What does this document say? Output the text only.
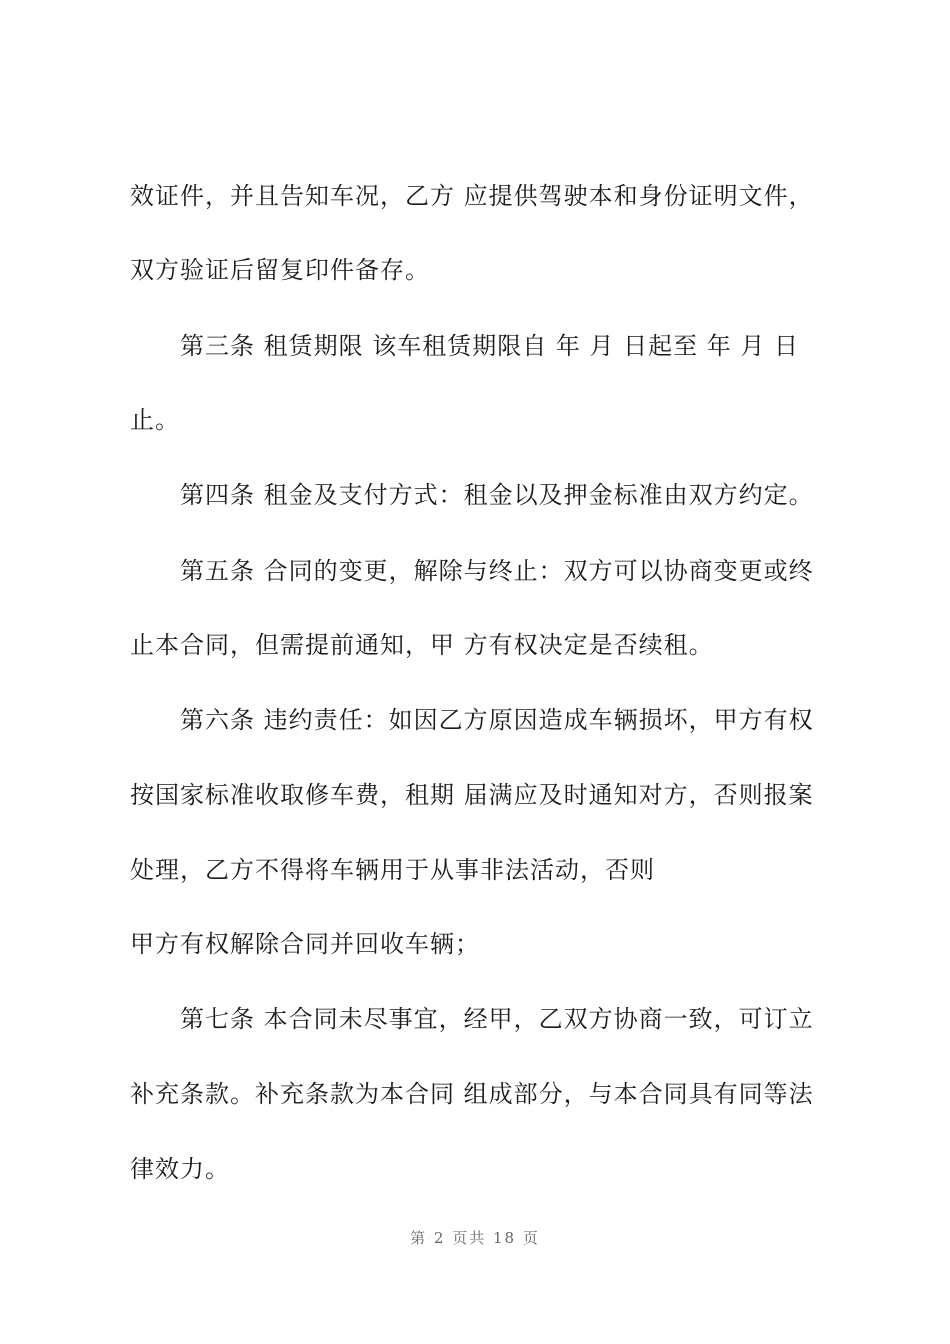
效证件，并且告知车况，乙方 应提供驾驶本和身份证明文件，
双方验证后留复印件备存。
第三条 租赁期限 该车租赁期限自 年 月 日起至 年 月 日
止。
第四条 租金及支付方式：租金以及押金标准由双方约定。
第五条 合同的变更，解除与终止：双方可以协商变更或终
止本合同，但需提前通知，甲 方有权决定是否续租。
第六条 违约责任：如因乙方原因造成车辆损坏，甲方有权
按国家标准收取修车费，租期 届满应及时通知对方，否则报案
处理，乙方不得将车辆用于从事非法活动，否则
甲方有权解除合同并回收车辆；
第七条 本合同未尽事宜，经甲，乙双方协商一致，可订立
补充条款。补充条款为本合同 组成部分，与本合同具有同等法
律效力。
第 2 页共 18 页
